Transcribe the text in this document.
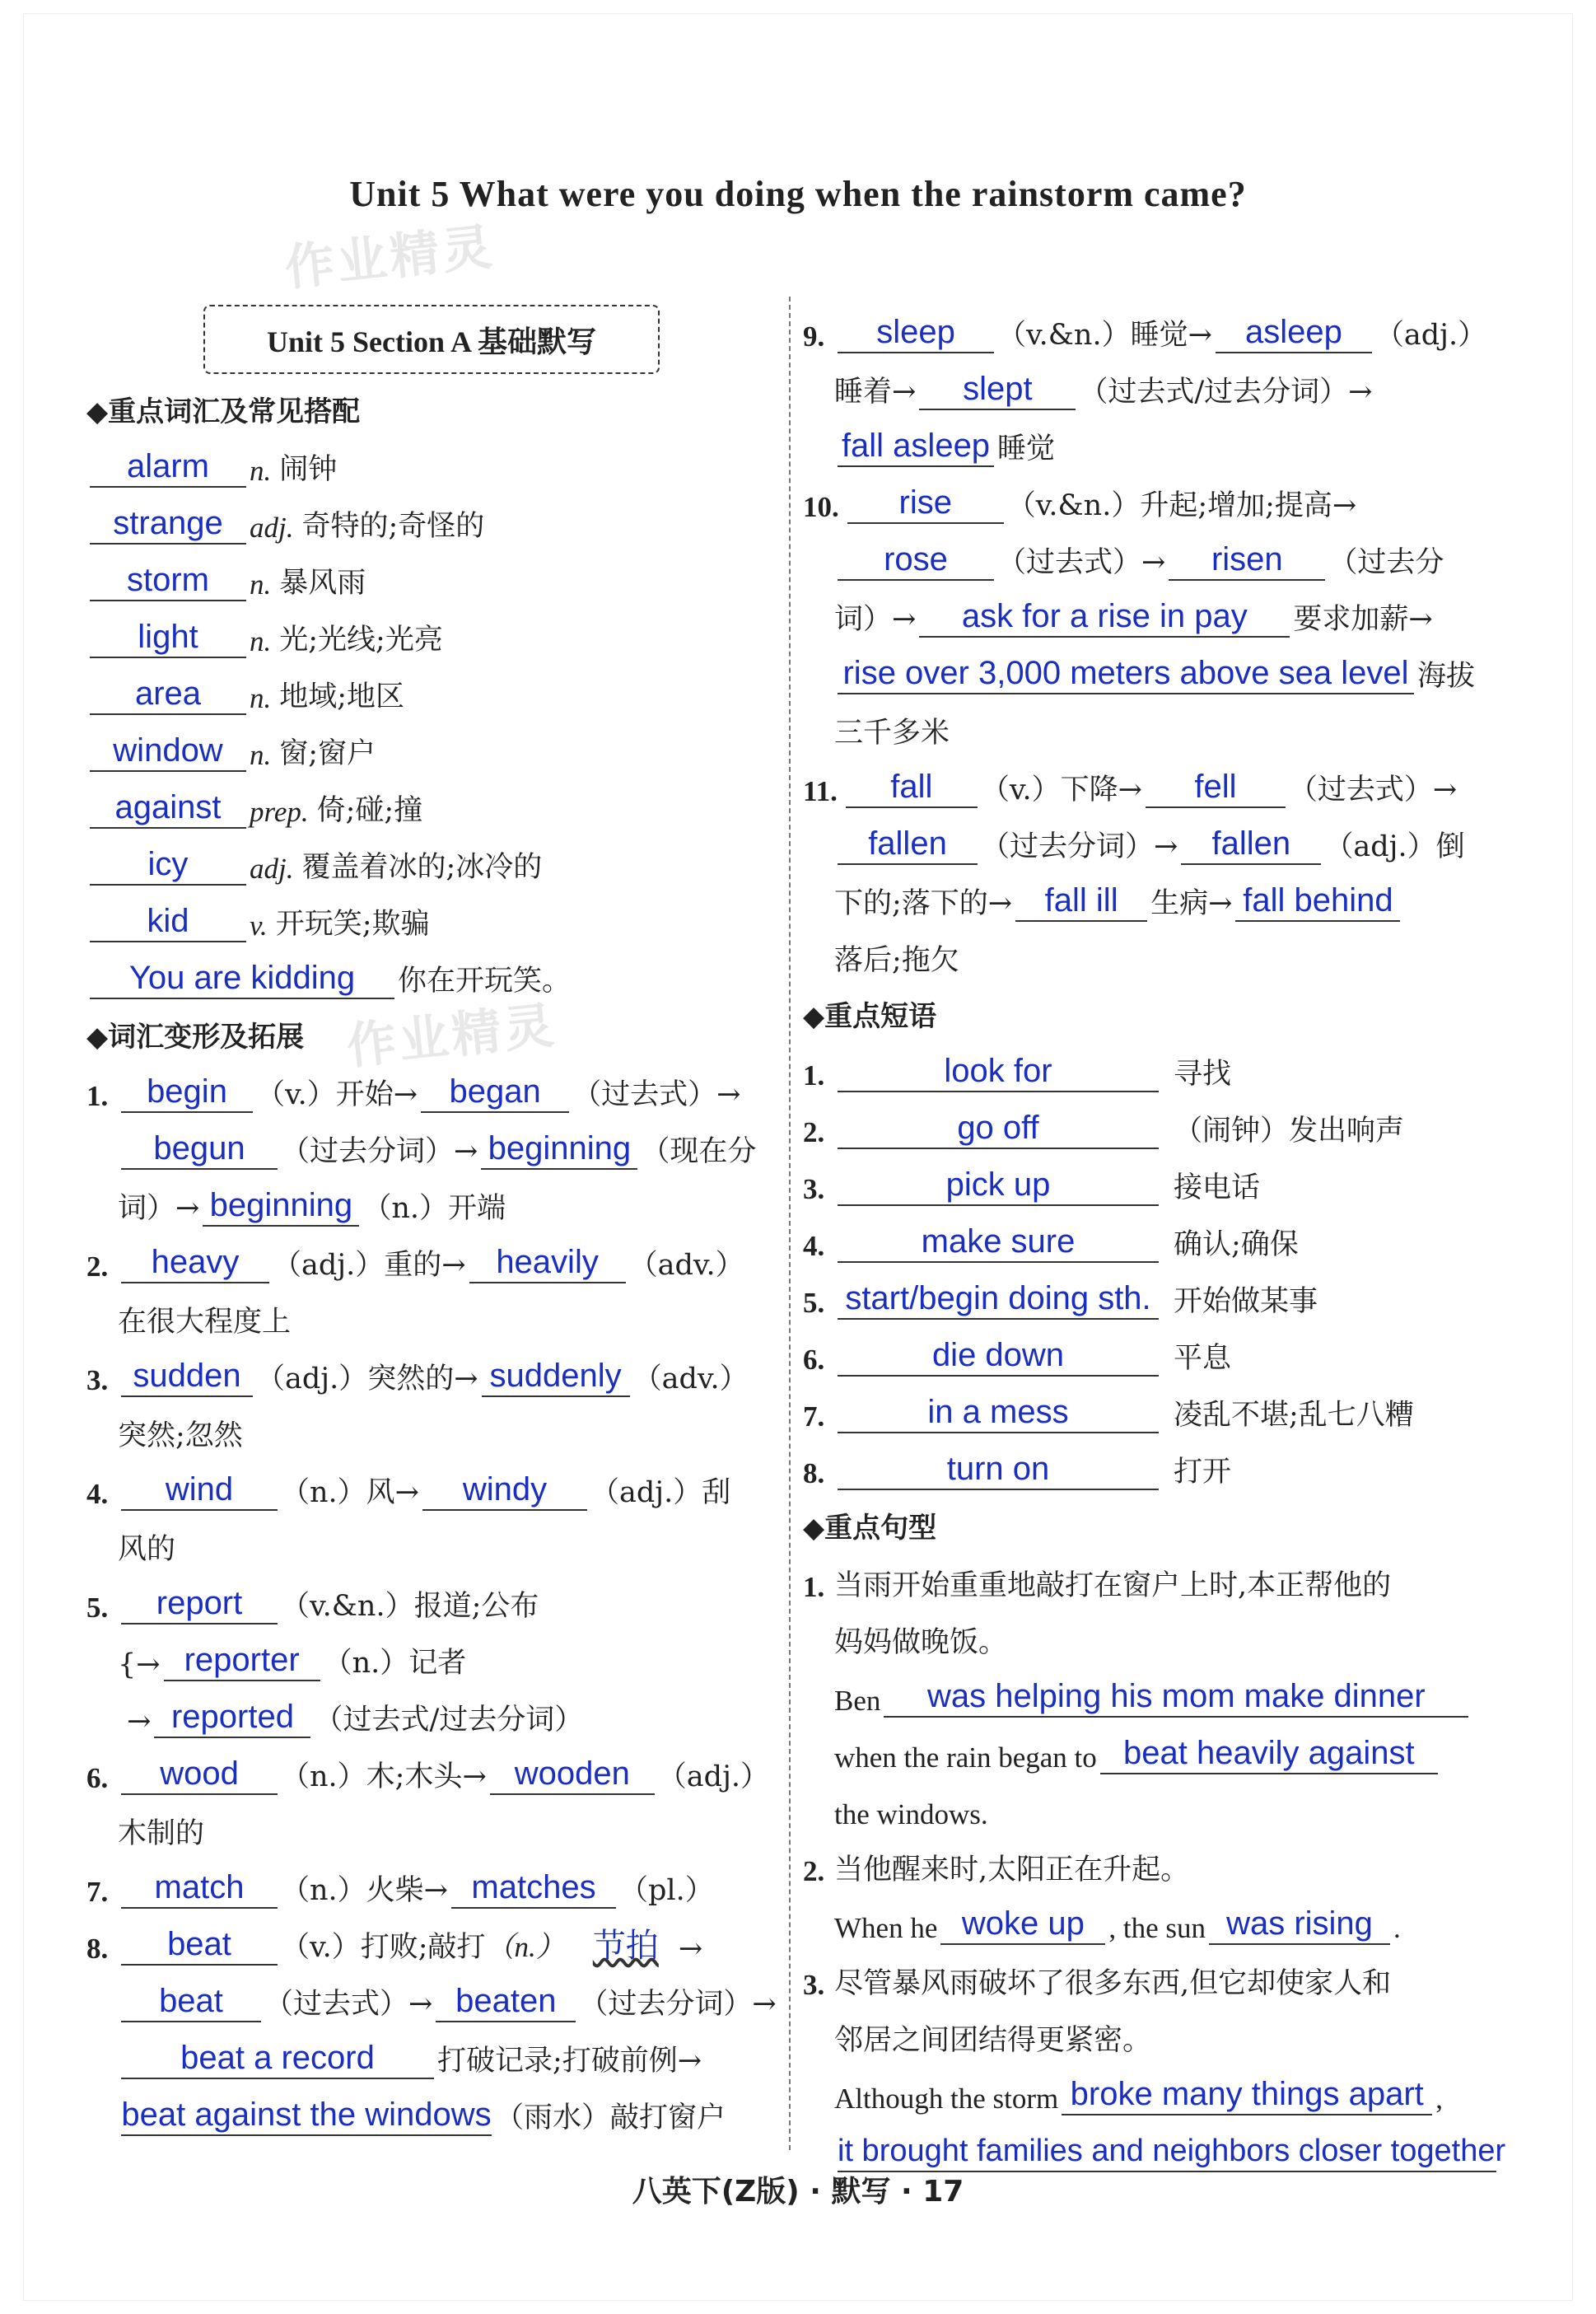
Unit 5 What were you doing when the rainstorm came?
作业精灵
作业精灵
Unit 5 Section A 基础默写
◆重点词汇及常见搭配
alarm	n. 闹钟
strange adj. 奇特的;奇怪的
storm	n. 暴风雨
light	n. 光;光线;光亮
area	n. 地域;地区
window n. 窗;窗户
against prep. 倚;碰;撞
icy	adj. 覆盖着冰的;冰冷的
kid	v. 开玩笑;欺骗
You are kidding	你在开玩笑。
◆词汇变形及拓展
1.	begin	（v.）开始→ began	（过去式）→
begun	（过去分词）→ beginning （现在分
词）→ beginning （n.）开端
2.	heavy	（adj.）重的→ heavily	（adv.）
在很大程度上
3. sudden （adj.）突然的→ suddenly （adv.）
突然;忽然
4.	wind	（n.）风→	windy	（adj.）刮
风的
5.	report	（v.&n.）报道;公布
{→ reporter （n.）记者
→ reported （过去式/过去分词）
6.	wood	（n.）木;木头→ wooden （adj.）
木制的
7.	match	（n.）火柴→ matches （pl.）
8.	beat	（v.）打败;敲打 （n.） 节拍 →
beat	（过去式）→ beaten （过去分词）→
beat a record	打破记录;打破前例→
beat against the windows （雨水）敲打窗户
9.	sleep	（v.&n.）睡觉→	asleep	（adj.）
睡着→	slept	（过去式/过去分词）→
fall asleep 睡觉
10.	rise	（v.&n.）升起;增加;提高→
rose	（过去式）→	risen	（过去分
词）→	ask for a rise in pay	要求加薪→
rise over 3,000 meters above sea level 海拔
三千多米
11.	fall	（v.）下降→	fell	（过去式）→
fallen	（过去分词）→	fallen	（adj.）倒
下的;落下的→ fall ill	生病→ fall behind
落后;拖欠
◆重点短语
1.	look for	寻找
2.	go off	（闹钟）发出响声
3.	pick up	接电话
4.	make sure	确认;确保
5. start/begin doing sth. 开始做某事
6.	die down	平息
7.	in a mess	凌乱不堪;乱七八糟
8.	turn on	打开
◆重点句型
1. 当雨开始重重地敲打在窗户上时,本正帮他的
妈妈做晚饭。
Ben	was helping his mom make dinner
when the rain began to beat heavily against
the windows.
2. 当他醒来时,太阳正在升起。
When he woke up , the sun was rising .
3. 尽管暴风雨破坏了很多东西,但它却使家人和
邻居之间团结得更紧密。
Although the storm broke many things apart ,
it brought families and neighbors closer together
八英下(Z版) · 默写 · 17
